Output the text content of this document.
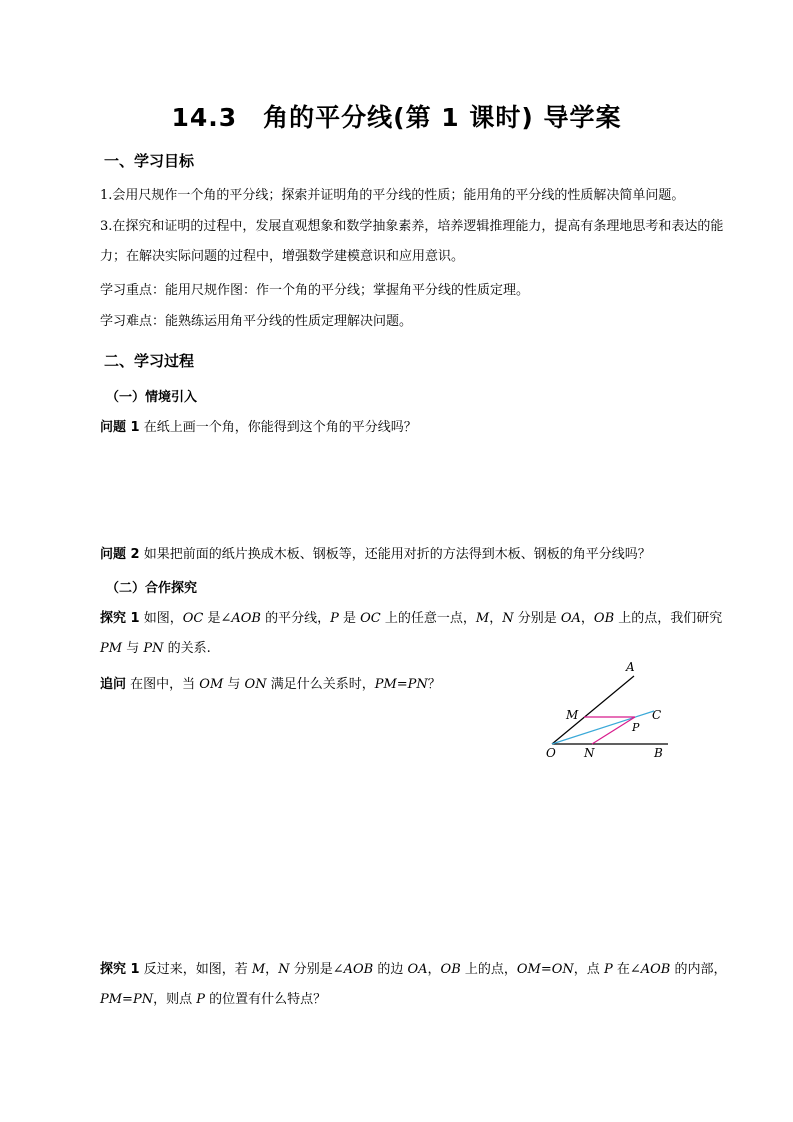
14.3　角的平分线(第 1 课时) 导学案
一、学习目标
1.会用尺规作一个角的平分线；探索并证明角的平分线的性质；能用角的平分线的性质解决简单问题。
3.在探究和证明的过程中，发展直观想象和数学抽象素养，培养逻辑推理能力，提高有条理地思考和表达的能力；在解决实际问题的过程中，增强数学建模意识和应用意识。
学习重点：能用尺规作图：作一个角的平分线；掌握角平分线的性质定理。
学习难点：能熟练运用角平分线的性质定理解决问题。
二、学习过程
（一）情境引入
问题 1 在纸上画一个角，你能得到这个角的平分线吗？
问题 2 如果把前面的纸片换成木板、钢板等，还能用对折的方法得到木板、钢板的角平分线吗？
（二）合作探究
探究 1 如图，OC 是∠AOB 的平分线，P 是 OC 上的任意一点，M，N 分别是 OA，OB 上的点，我们研究 PM 与 PN 的关系.
追问 在图中，当 OM 与 ON 满足什么关系时，PM=PN？
A
M
P
C
O N	B
探究 1 反过来，如图，若 M，N 分别是∠AOB 的边 OA，OB 上的点，OM=ON，点 P 在∠AOB 的内部，PM=PN，则点 P 的位置有什么特点？
